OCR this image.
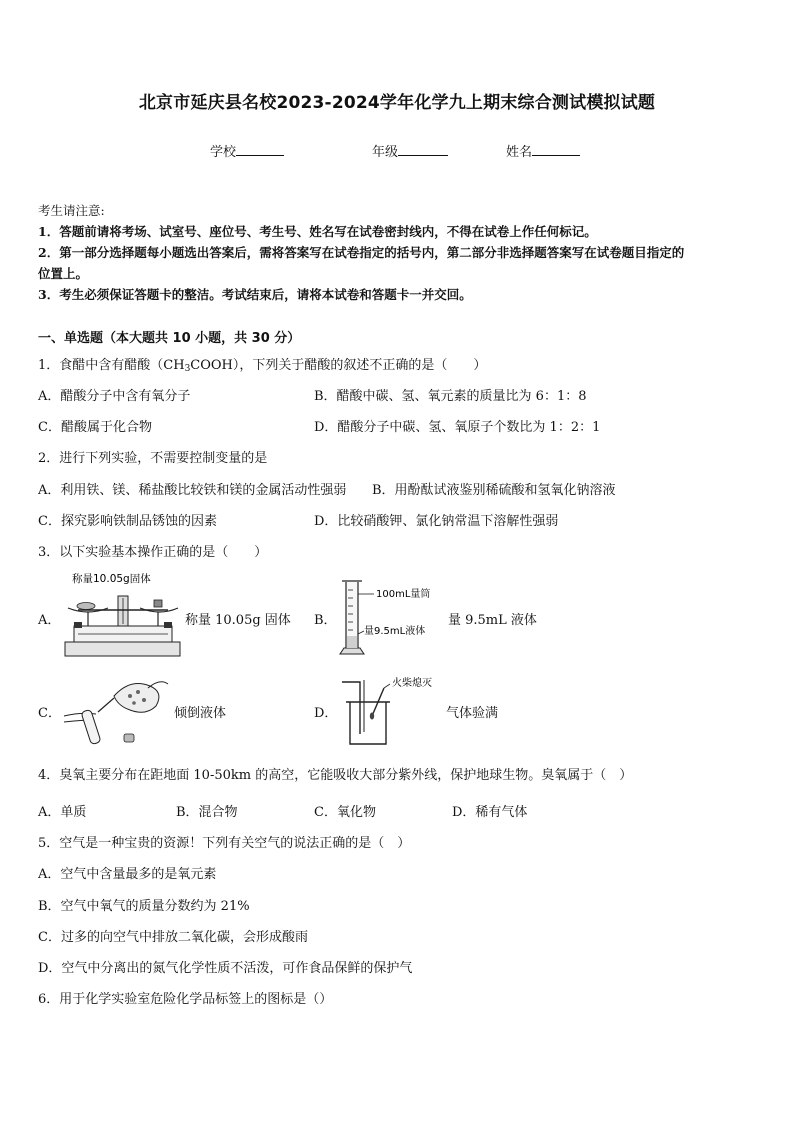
北京市延庆县名校2023-2024学年化学九上期末综合测试模拟试题
学校	年级	姓名
考生请注意:
1．答题前请将考场、试室号、座位号、考生号、姓名写在试卷密封线内，不得在试卷上作任何标记。
2．第一部分选择题每小题选出答案后，需将答案写在试卷指定的括号内，第二部分非选择题答案写在试卷题目指定的
位置上。
3．考生必须保证答题卡的整洁。考试结束后，请将本试卷和答题卡一并交回。
一、单选题（本大题共 10 小题，共 30 分）
1．食醋中含有醋酸$(CH_3COOH)$，下列关于醋酸的叙述不正确的是（　　）
A．醋酸分子中含有氧分子	B．醋酸中碳、氢、氧元素的质量比为 6：1：8
C．醋酸属于化合物	D．醋酸分子中碳、氢、氧原子个数比为 1：2：1
2．进行下列实验，不需要控制变量的是
A．利用铁、镁、稀盐酸比较铁和镁的金属活动性强弱 B．用酚酞试液鉴别稀硫酸和氢氧化钠溶液
C．探究影响铁制品锈蚀的因素	D．比较硝酸钾、氯化钠常温下溶解性强弱
3．以下实验基本操作正确的是（　　）
A．
称量10.05g固体
称量 10.05g 固体 B．
100mL量筒
量9.5mL液体
量 9.5mL 液体
C．	倾倒液体	D．
火柴熄灭
气体验满
4．臭氧主要分布在距地面 10-50km 的高空，它能吸收大部分紫外线，保护地球生物。臭氧属于（　）
A．单质	B．混合物	C．氧化物	D．稀有气体
5．空气是一种宝贵的资源！下列有关空气的说法正确的是（　）
A．空气中含量最多的是氧元素
B．空气中氧气的质量分数约为 21%
C．过多的向空气中排放二氧化碳，会形成酸雨
D．空气中分离出的氮气化学性质不活泼，可作食品保鲜的保护气
6．用于化学实验室危险化学品标签上的图标是（）
